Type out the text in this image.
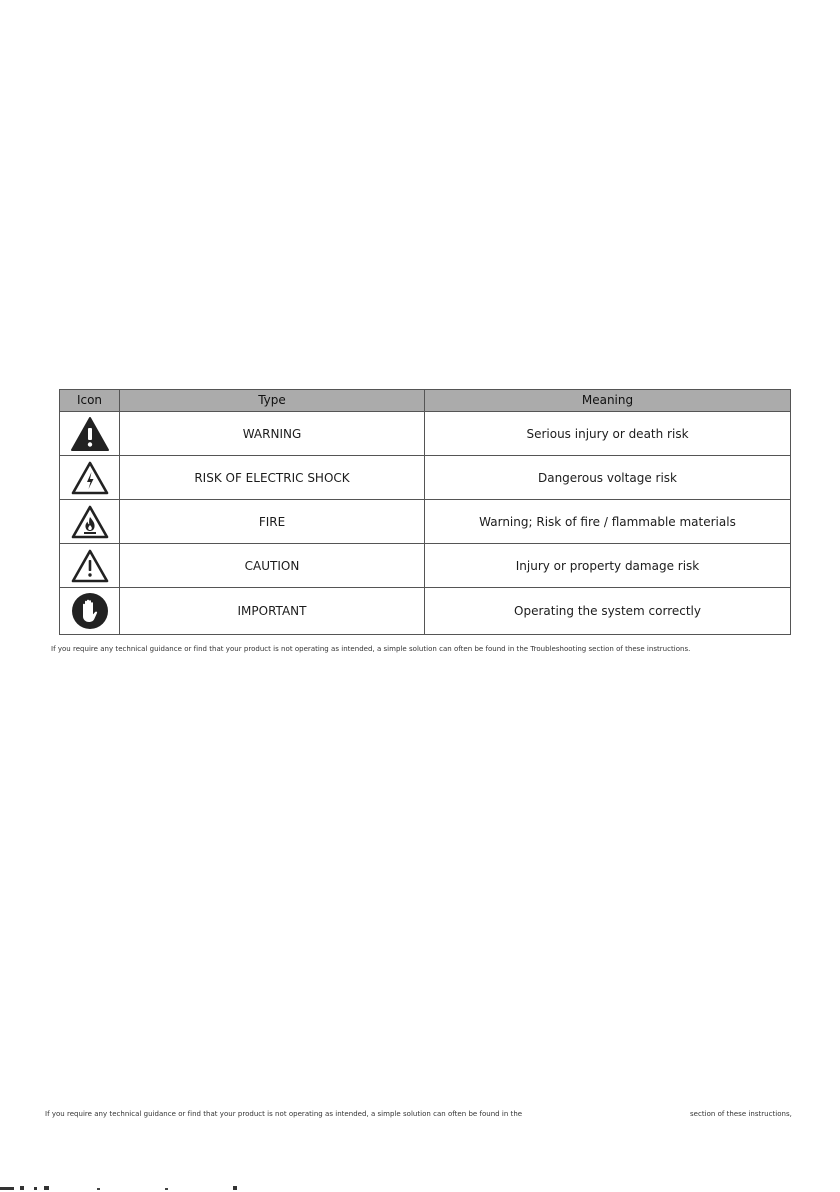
Icon	Type	Meaning

	WARNING	Serious injury or death risk

	RISK OF ELECTRIC SHOCK	Dangerous voltage risk

	FIRE	Warning; Risk of fire / flammable materials

	CAUTION	Injury or property damage risk

	IMPORTANT	Operating the system correctly
If you require any technical guidance or find that your product is not operating as intended, a simple solution can often be found in the Troubleshooting section of these instructions.
If you require any technical guidance or find that your product is not operating as intended, a simple solution can often be found in the	section of these instructions,
